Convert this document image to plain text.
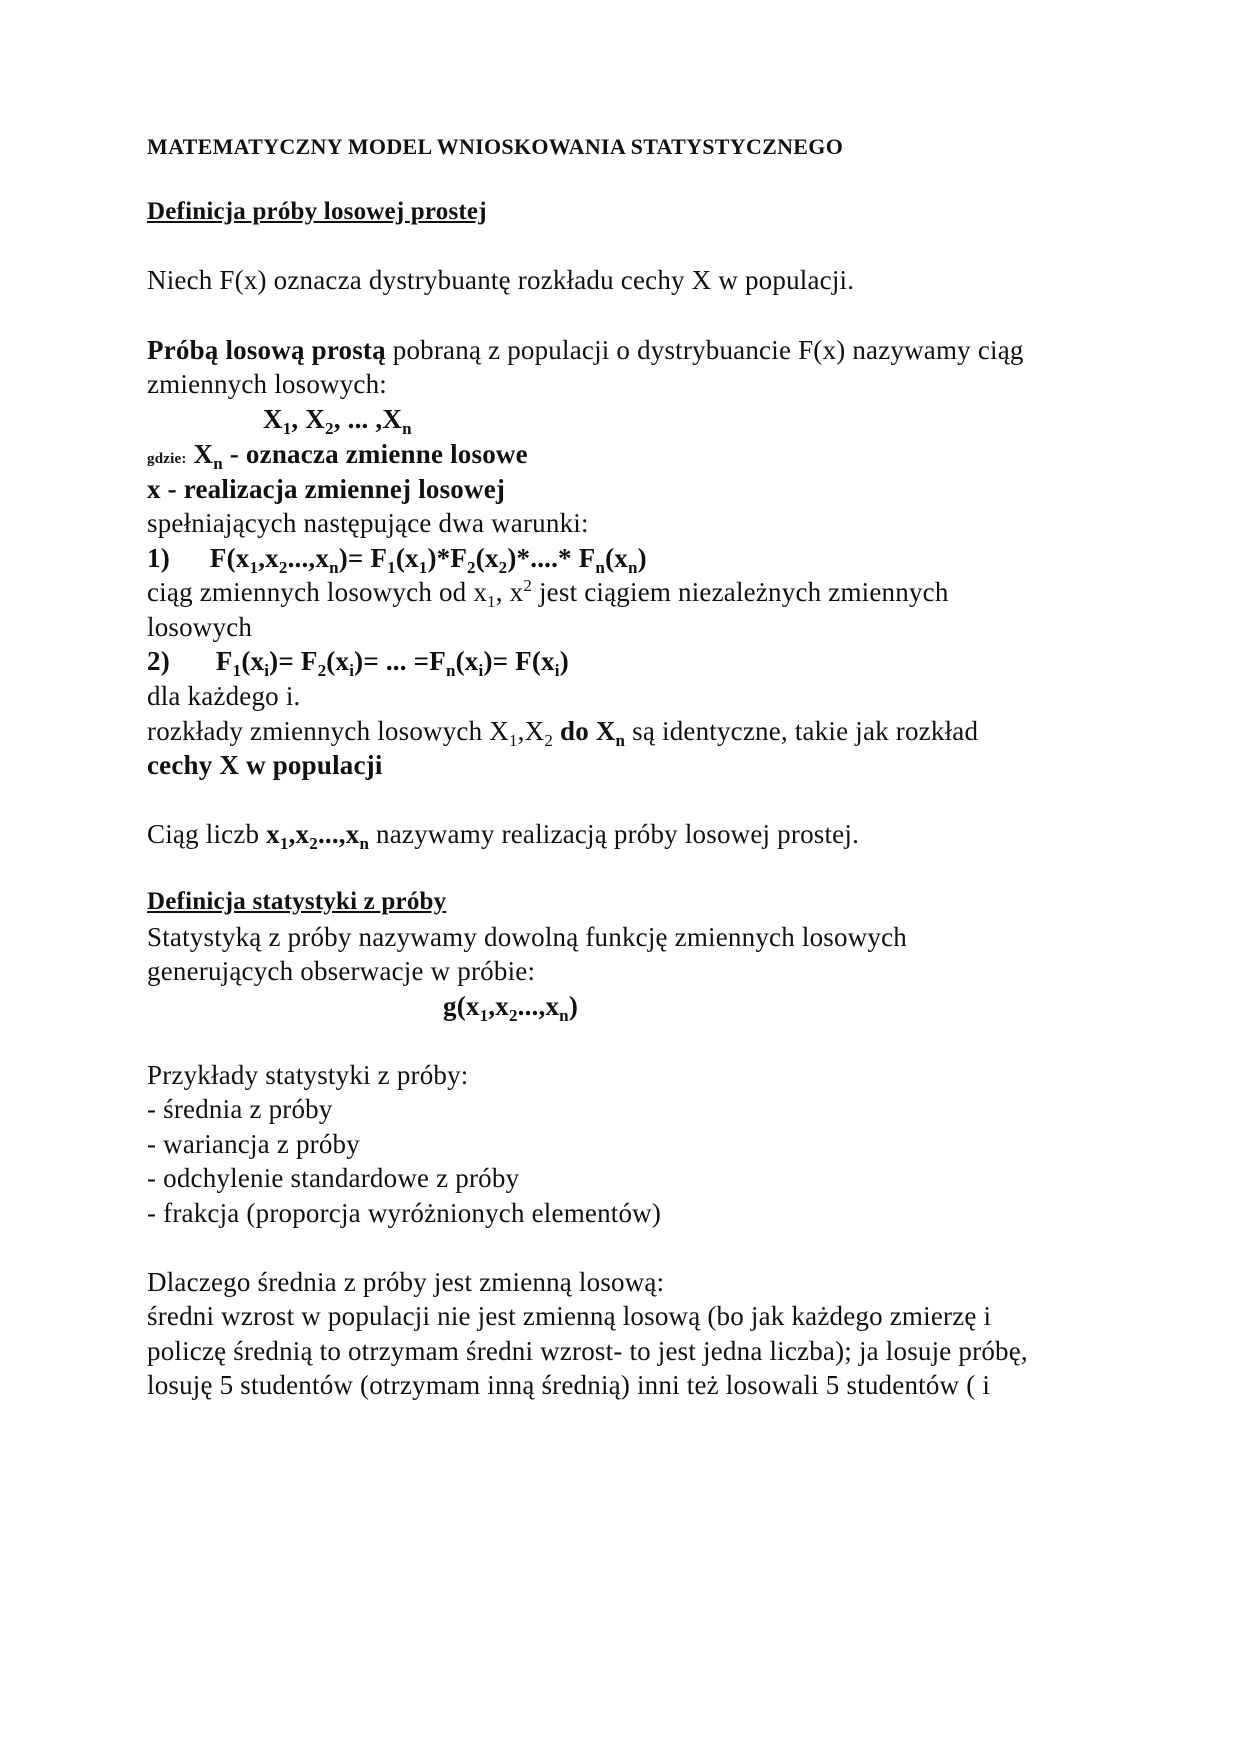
MATEMATYCZNY MODEL WNIOSKOWANIA STATYSTYCZNEGO
Definicja próby losowej prostej
Niech F(x) oznacza dystrybuantę rozkładu cechy X w populacji.
Próbą losową prostą pobraną z populacji o dystrybuancie F(x) nazywamy ciąg
zmiennych losowych:
$X_1$, $X_2$, ... $,X_n$
gdzie: $X_n$ - oznacza zmienne losowe
x - realizacja zmiennej losowej
spełniających następujące dwa warunki:
1) $F(x_1,x_2...,x_n)= F_1(x_1)*F_2(x_2)*....*$ $F_n(x_n)$
ciąg zmiennych losowych od $x_1$, $x^2$ jest ciągiem niezależnych zmiennych
losowych
2) $F_1(x_i)= F_2(x_i)=$ ... $=F_n(x_i)= F(x_i)$
dla każdego i.
rozkłady zmiennych losowych $X_1,X_2$ do $X_n$ są identyczne, takie jak rozkład
cechy X w populacji
Ciąg liczb $x_1,x_2...,x_n$ nazywamy realizacją próby losowej prostej.
Definicja statystyki z próby
Statystyką z próby nazywamy dowolną funkcję zmiennych losowych
generujących obserwacje w próbie:
$g(x_1,x_2...,x_n)$
Przykłady statystyki z próby:
- średnia z próby
- wariancja z próby
- odchylenie standardowe z próby
- frakcja (proporcja wyróżnionych elementów)
Dlaczego średnia z próby jest zmienną losową:
średni wzrost w populacji nie jest zmienną losową (bo jak każdego zmierzę i
policzę średnią to otrzymam średni wzrost- to jest jedna liczba); ja losuje próbę,
losuję 5 studentów (otrzymam inną średnią) inni też losowali 5 studentów ( i
